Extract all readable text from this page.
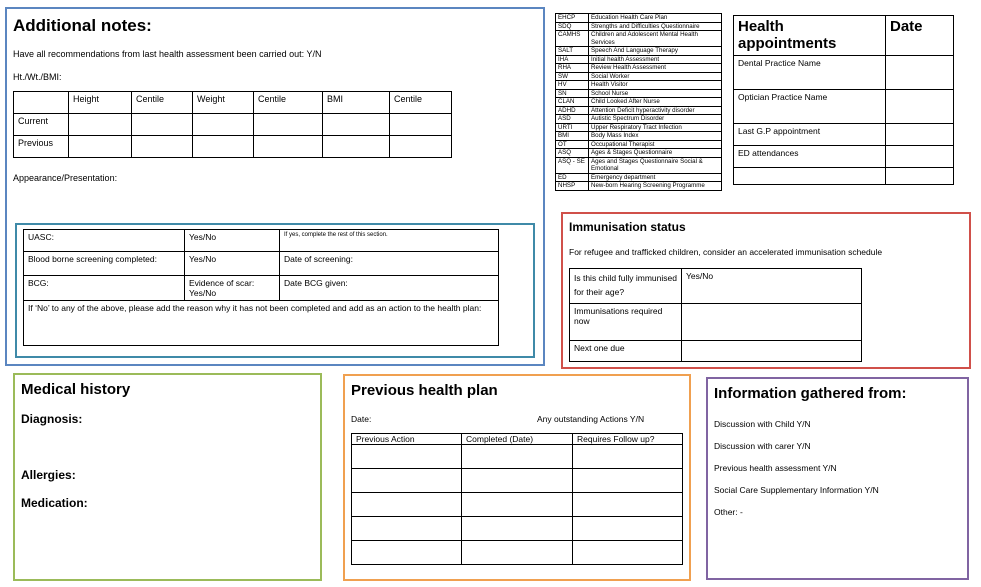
Additional notes:
Have all recommendations from last health assessment been carried out: Y/N
Ht./Wt./BMI:
	Height	Centile	Weight	Centile	BMI	Centile
Current						
Previous						
Appearance/Presentation:
UASC:	Yes/No	If yes, complete the rest of this section.
Blood borne screening completed:	Yes/No	Date of screening:
BCG:	Evidence of scar: Yes/No	Date BCG given:
If ‘No’ to any of the above, please add the reason why it has not been completed and add as an action to the health plan:		
EHCP	Education Health Care Plan
SDQ	Strengths and Difficulties Questionnaire
CAMHS	Children and Adolescent Mental Health Services
SALT	Speech And Language Therapy
IHA	Initial health Assessment
RHA	Review Health Assessment
SW	Social Worker
HV	Health Visitor
SN	School Nurse
CLAN	Child Looked After Nurse
ADHD	Attention Deficit hyperactivity disorder
ASD	Autistic Spectrum Disorder
URTI	Upper Respiratory Tract Infection
BMI	Body Mass Index
OT	Occupational Therapist
ASQ	Ages & Stages Questionnaire
ASQ - SE	Ages and Stages Questionnaire Social & Emotional
ED	Emergency department
NHSP	New-born Hearing Screening Programme
Health appointments	Date
Dental Practice Name	
Optician Practice Name	
Last G.P appointment	
ED attendances	

Immunisation status
For refugee and trafficked children, consider an accelerated immunisation schedule
Is this child fully immunised for their age?	Yes/No
Immunisations required now	
Next one due	
Medical history
Diagnosis:
Allergies:
Medication:
Previous health plan
Date:	Any outstanding Actions Y/N
Previous Action	Completed (Date)	Requires Follow up?

Information gathered from:
Discussion with Child Y/N
Discussion with carer Y/N
Previous health assessment Y/N
Social Care Supplementary Information Y/N
Other: -
